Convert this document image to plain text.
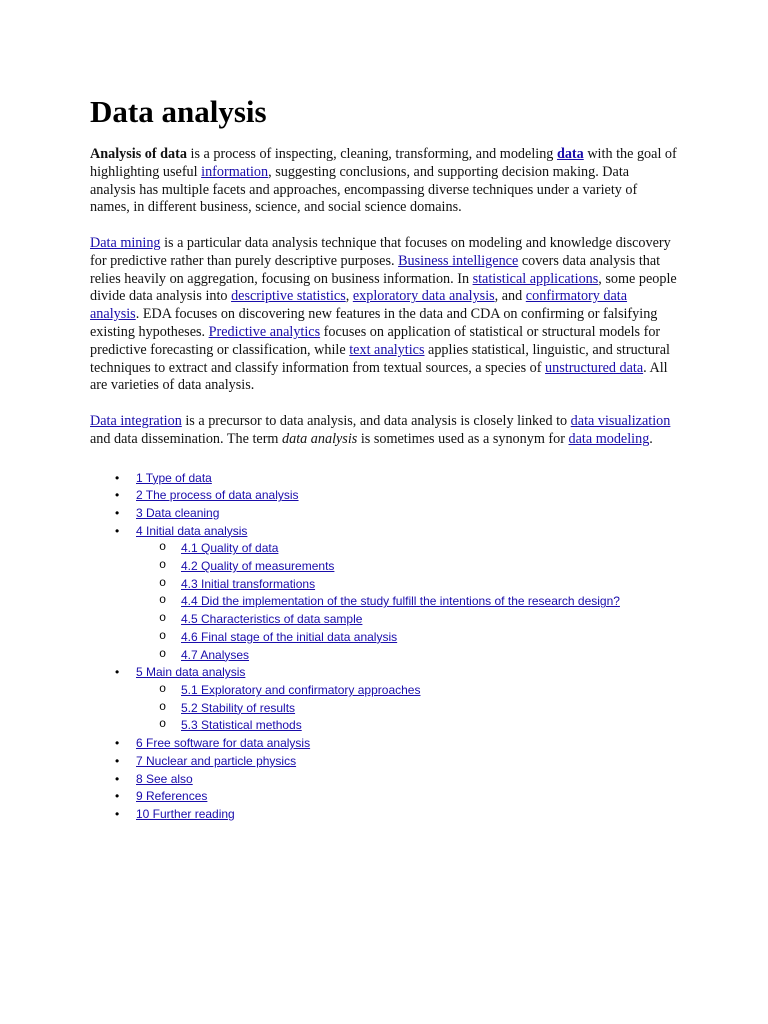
Data analysis

Analysis of data is a process of inspecting, cleaning, transforming, and modeling data with the goal of highlighting useful information, suggesting conclusions, and supporting decision making. Data analysis has multiple facets and approaches, encompassing diverse techniques under a variety of names, in different business, science, and social science domains.

Data mining is a particular data analysis technique that focuses on modeling and knowledge discovery for predictive rather than purely descriptive purposes. Business intelligence covers data analysis that relies heavily on aggregation, focusing on business information. In statistical applications, some people divide data analysis into descriptive statistics, exploratory data analysis, and confirmatory data analysis. EDA focuses on discovering new features in the data and CDA on confirming or falsifying existing hypotheses. Predictive analytics focuses on application of statistical or structural models for predictive forecasting or classification, while text analytics applies statistical, linguistic, and structural techniques to extract and classify information from textual sources, a species of unstructured data. All are varieties of data analysis.

Data integration is a precursor to data analysis, and data analysis is closely linked to data visualization and data dissemination. The term data analysis is sometimes used as a synonym for data modeling.

• 1 Type of data
• 2 The process of data analysis
• 3 Data cleaning
• 4 Initial data analysis
o 4.1 Quality of data
o 4.2 Quality of measurements
o 4.3 Initial transformations
o 4.4 Did the implementation of the study fulfill the intentions of the research design?
o 4.5 Characteristics of data sample
o 4.6 Final stage of the initial data analysis
o 4.7 Analyses
• 5 Main data analysis
o 5.1 Exploratory and confirmatory approaches
o 5.2 Stability of results
o 5.3 Statistical methods
• 6 Free software for data analysis
• 7 Nuclear and particle physics
• 8 See also
• 9 References
• 10 Further reading
